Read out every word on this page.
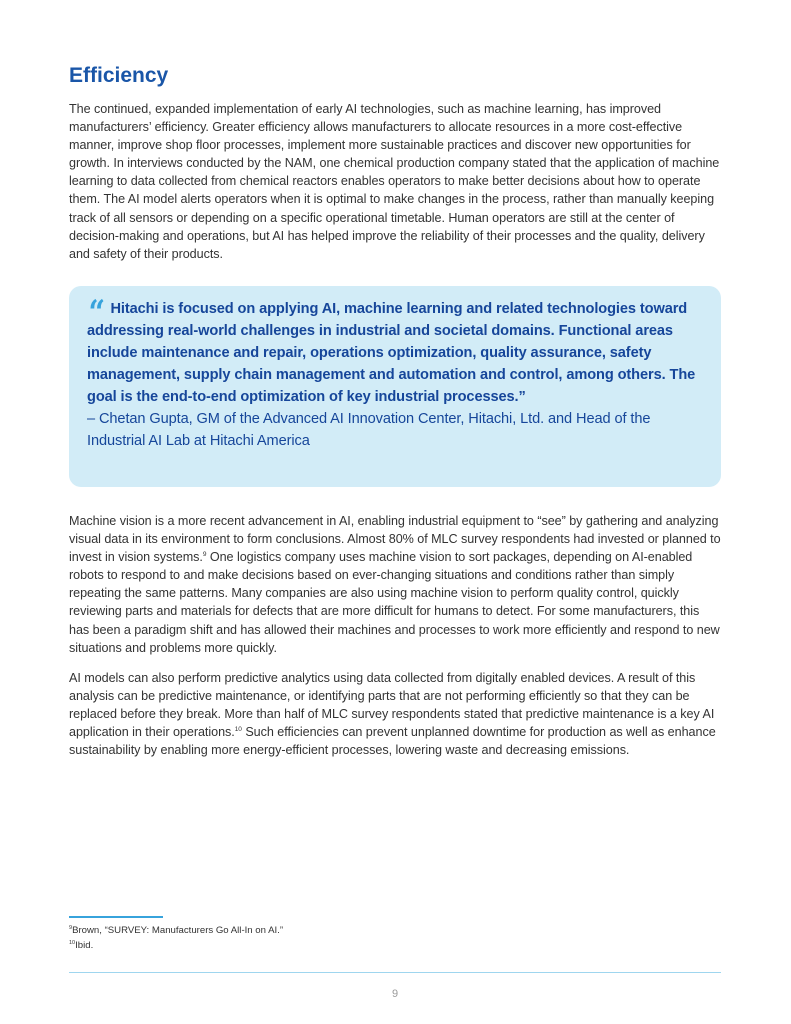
Efficiency

The continued, expanded implementation of early AI technologies, such as machine learning, has improved manufacturers’ efficiency. Greater efficiency allows manufacturers to allocate resources in a more cost-effective manner, improve shop floor processes, implement more sustainable practices and discover new opportunities for growth. In interviews conducted by the NAM, one chemical production company stated that the application of machine learning to data collected from chemical reactors enables operators to make better decisions about how to operate them. The AI model alerts operators when it is optimal to make changes in the process, rather than manually keeping track of all sensors or depending on a specific operational timetable. Human operators are still at the center of decision-making and operations, but AI has helped improve the reliability of their processes and the quality, delivery and safety of their products.

“ Hitachi is focused on applying AI, machine learning and related technologies toward addressing real-world challenges in industrial and societal domains. Functional areas include maintenance and repair, operations optimization, quality assurance, safety management, supply chain management and automation and control, among others. The goal is the end-to-end optimization of key industrial processes.”

– Chetan Gupta, GM of the Advanced AI Innovation Center, Hitachi, Ltd. and Head of the Industrial AI Lab at Hitachi America

Machine vision is a more recent advancement in AI, enabling industrial equipment to “see” by gathering and analyzing visual data in its environment to form conclusions. Almost 80% of MLC survey respondents had invested or planned to invest in vision systems.$^9$ One logistics company uses machine vision to sort packages, depending on AI-enabled robots to respond to and make decisions based on ever-changing situations and conditions rather than simply repeating the same patterns. Many companies are also using machine vision to perform quality control, quickly reviewing parts and materials for defects that are more difficult for humans to detect. For some manufacturers, this has been a paradigm shift and has allowed their machines and processes to work more efficiently and respond to new situations and problems more quickly.

AI models can also perform predictive analytics using data collected from digitally enabled devices. A result of this analysis can be predictive maintenance, or identifying parts that are not performing efficiently so that they can be replaced before they break. More than half of MLC survey respondents stated that predictive maintenance is a key AI application in their operations.$^{10}$ Such efficiencies can prevent unplanned downtime for production as well as enhance sustainability by enabling more energy-efficient processes, lowering waste and decreasing emissions.

$^9$Brown, “SURVEY: Manufacturers Go All-In on AI.”

$^{10}$Ibid.

9
